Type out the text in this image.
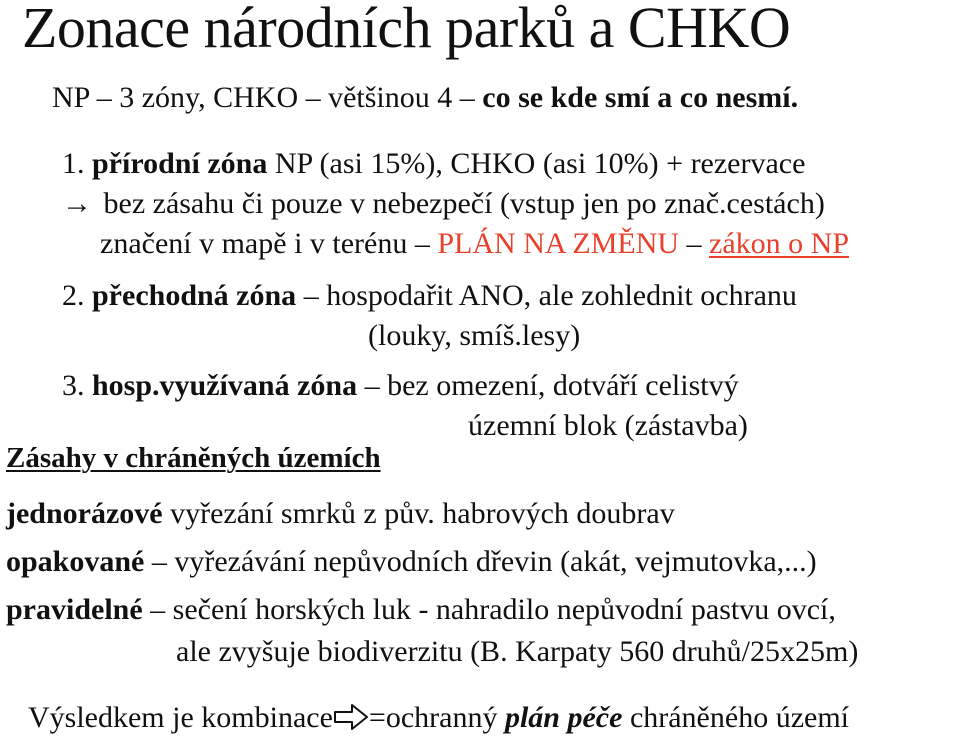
Zonace národních parků a CHKO
NP – 3 zóny, CHKO – většinou 4 – co se kde smí a co nesmí.
1. přírodní zóna NP (asi 15%), CHKO (asi 10%) + rezervace
→ bez zásahu či pouze v nebezpečí (vstup jen po znač.cestách)
značení v mapě i v terénu – PLÁN NA ZMĚNU – zákon o NP
2. přechodná zóna – hospodařit ANO, ale zohlednit ochranu
(louky, smíš.lesy)
3. hosp.využívaná zóna – bez omezení, dotváří celistvý
územní blok (zástavba)
Zásahy v chráněných územích
jednorázové vyřezání smrků z pův. habrových doubrav
opakované – vyřezávání nepůvodních dřevin (akát, vejmutovka,...)
pravidelné – sečení horských luk - nahradilo nepůvodní pastvu ovcí,
ale zvyšuje biodiverzitu (B. Karpaty 560 druhů/25x25m)
Výsledkem je kombinace =ochranný plán péče chráněného území
